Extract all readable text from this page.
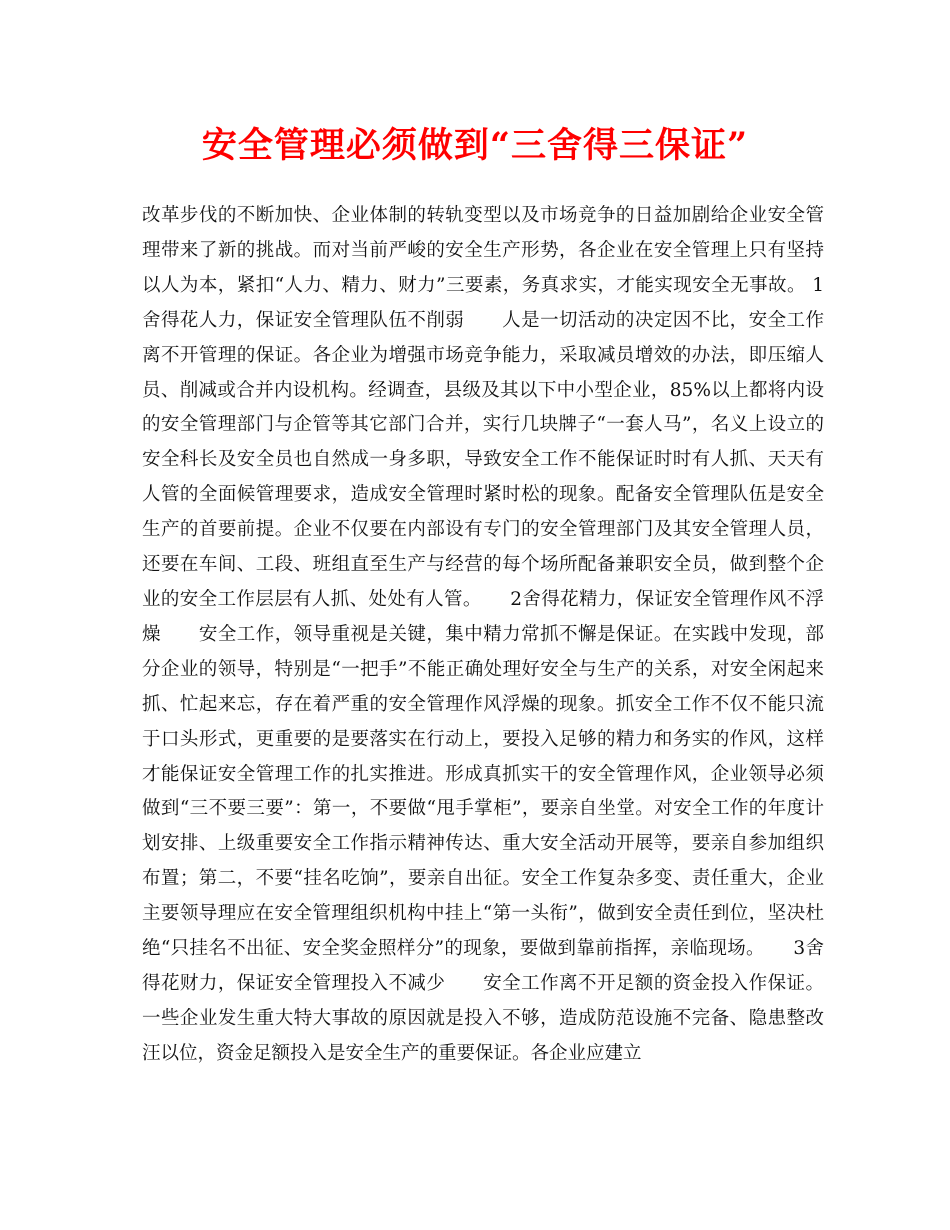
安全管理必须做到“三舍得三保证”

改革步伐的不断加快、企业体制的转轨变型以及市场竞争的日益加剧给企业安全管理带来了新的挑战。而对当前严峻的安全生产形势，各企业在安全管理上只有坚持以人为本，紧扣“人力、精力、财力”三要素，务真求实，才能实现安全无事故。 1舍得花人力，保证安全管理队伍不削弱　　人是一切活动的决定因不比，安全工作离不开管理的保证。各企业为增强市场竞争能力，采取减员增效的办法，即压缩人员、削减或合并内设机构。经调查，县级及其以下中小型企业，85%以上都将内设的安全管理部门与企管等其它部门合并，实行几块牌子“一套人马”，名义上设立的安全科长及安全员也自然成一身多职，导致安全工作不能保证时时有人抓、天天有人管的全面候管理要求，造成安全管理时紧时松的现象。配备安全管理队伍是安全生产的首要前提。企业不仅要在内部设有专门的安全管理部门及其安全管理人员，还要在车间、工段、班组直至生产与经营的每个场所配备兼职安全员，做到整个企业的安全工作层层有人抓、处处有人管。　　2舍得花精力，保证安全管理作风不浮燥　　安全工作，领导重视是关键，集中精力常抓不懈是保证。在实践中发现，部分企业的领导，特别是“一把手”不能正确处理好安全与生产的关系，对安全闲起来抓、忙起来忘，存在着严重的安全管理作风浮燥的现象。抓安全工作不仅不能只流于口头形式，更重要的是要落实在行动上，要投入足够的精力和务实的作风，这样才能保证安全管理工作的扎实推进。形成真抓实干的安全管理作风，企业领导必须做到“三不要三要”：第一，不要做“甩手掌柜”，要亲自坐堂。对安全工作的年度计划安排、上级重要安全工作指示精神传达、重大安全活动开展等，要亲自参加组织布置；第二，不要“挂名吃饷”，要亲自出征。安全工作复杂多变、责任重大，企业主要领导理应在安全管理组织机构中挂上“第一头衔”，做到安全责任到位，坚决杜绝“只挂名不出征、安全奖金照样分”的现象，要做到靠前指挥，亲临现场。　　3舍得花财力，保证安全管理投入不减少　　安全工作离不开足额的资金投入作保证。一些企业发生重大特大事故的原因就是投入不够，造成防范设施不完备、隐患整改汪以位，资金足额投入是安全生产的重要保证。各企业应建立
